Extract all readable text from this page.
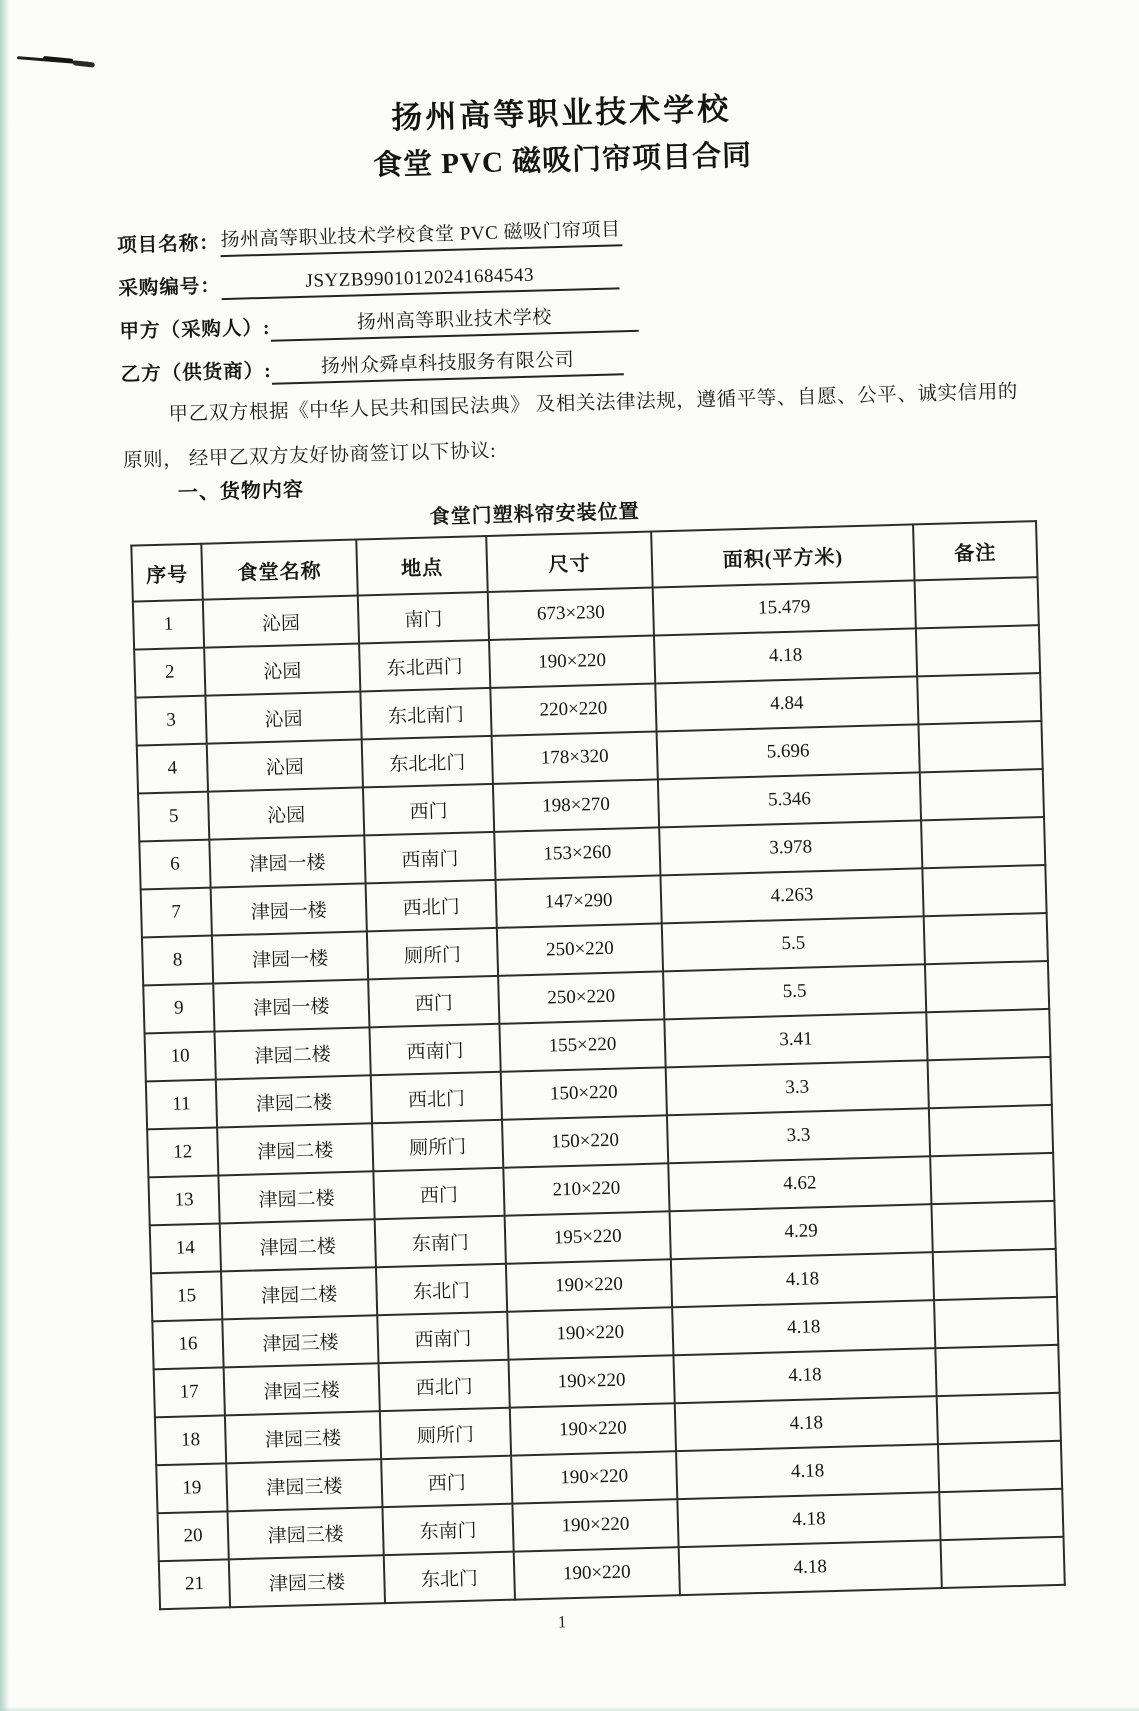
扬州高等职业技术学校
食堂 PVC 磁吸门帘项目合同
项目名称： 扬州高等职业技术学校食堂 PVC 磁吸门帘项目
采购编号：	JSYZB99010120241684543
甲方（采购人）:	扬州高等职业技术学校
乙方（供货商）:	扬州众舜卓科技服务有限公司
甲乙双方根据《中华人民共和国民法典》 及相关法律法规，遵循平等、自愿、公平、诚实信用的
原则， 经甲乙双方友好协商签订以下协议:
一、货物内容
食堂门塑料帘安装位置
序号	食堂名称	地点	尺寸	面积(平方米)	备注
1	沁园	南门	673×230	15.479	
2	沁园	东北西门	190×220	4.18	
3	沁园	东北南门	220×220	4.84	
4	沁园	东北北门	178×320	5.696	
5	沁园	西门	198×270	5.346	
6	津园一楼	西南门	153×260	3.978	
7	津园一楼	西北门	147×290	4.263	
8	津园一楼	厕所门	250×220	5.5	
9	津园一楼	西门	250×220	5.5	
10	津园二楼	西南门	155×220	3.41	
11	津园二楼	西北门	150×220	3.3	
12	津园二楼	厕所门	150×220	3.3	
13	津园二楼	西门	210×220	4.62	
14	津园二楼	东南门	195×220	4.29	
15	津园二楼	东北门	190×220	4.18	
16	津园三楼	西南门	190×220	4.18	
17	津园三楼	西北门	190×220	4.18	
18	津园三楼	厕所门	190×220	4.18	
19	津园三楼	西门	190×220	4.18	
20	津园三楼	东南门	190×220	4.18	
21	津园三楼	东北门	190×220	4.18	
1
